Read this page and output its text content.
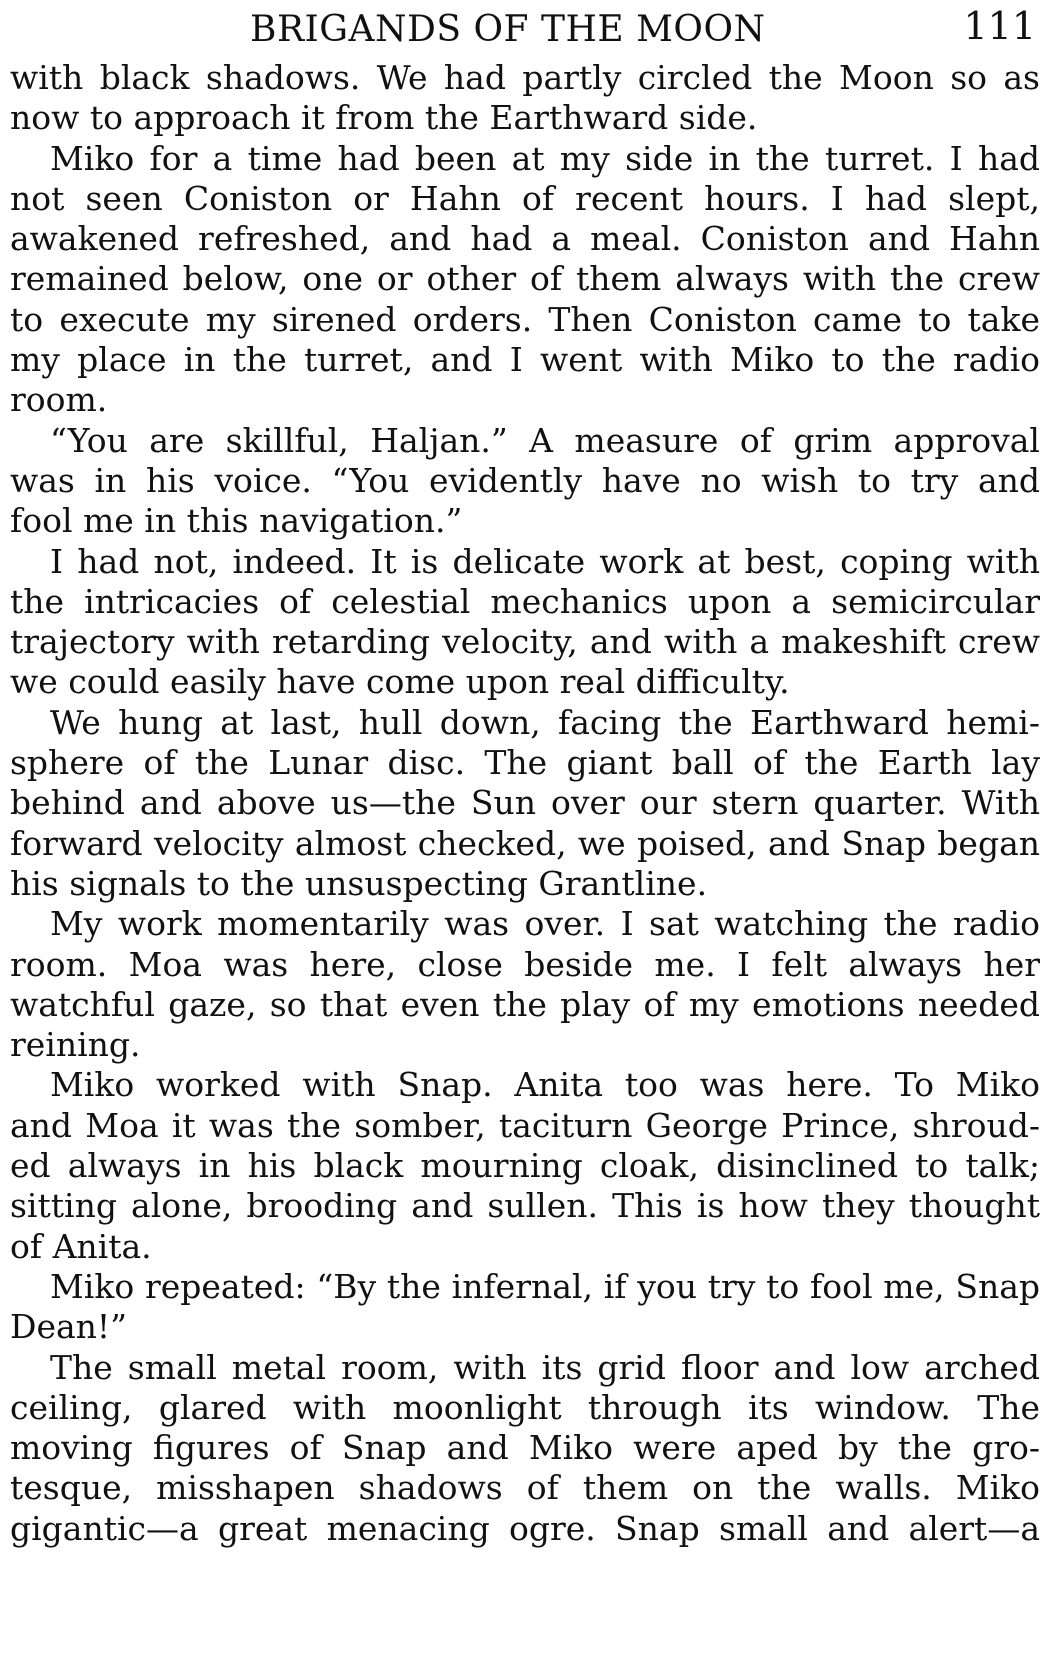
BRIGANDS OF THE MOON	111
with black shadows. We had partly circled the Moon so as
now to approach it from the Earthward side.
Miko for a time had been at my side in the turret. I had
not seen Coniston or Hahn of recent hours. I had slept,
awakened refreshed, and had a meal. Coniston and Hahn
remained below, one or other of them always with the crew
to execute my sirened orders. Then Coniston came to take
my place in the turret, and I went with Miko to the radio
room.
“You are skillful, Haljan.” A measure of grim approval
was in his voice. “You evidently have no wish to try and
fool me in this navigation.”
I had not, indeed. It is delicate work at best, coping with
the intricacies of celestial mechanics upon a semicircular
trajectory with retarding velocity, and with a makeshift crew
we could easily have come upon real difficulty.
We hung at last, hull down, facing the Earthward hemi-
sphere of the Lunar disc. The giant ball of the Earth lay
behind and above us—the Sun over our stern quarter. With
forward velocity almost checked, we poised, and Snap began
his signals to the unsuspecting Grantline.
My work momentarily was over. I sat watching the radio
room. Moa was here, close beside me. I felt always her
watchful gaze, so that even the play of my emotions needed
reining.
Miko worked with Snap. Anita too was here. To Miko
and Moa it was the somber, taciturn George Prince, shroud-
ed always in his black mourning cloak, disinclined to talk;
sitting alone, brooding and sullen. This is how they thought
of Anita.
Miko repeated: “By the infernal, if you try to fool me, Snap
Dean!”
The small metal room, with its grid floor and low arched
ceiling, glared with moonlight through its window. The
moving figures of Snap and Miko were aped by the gro-
tesque, misshapen shadows of them on the walls. Miko
gigantic—a great menacing ogre. Snap small and alert—a
